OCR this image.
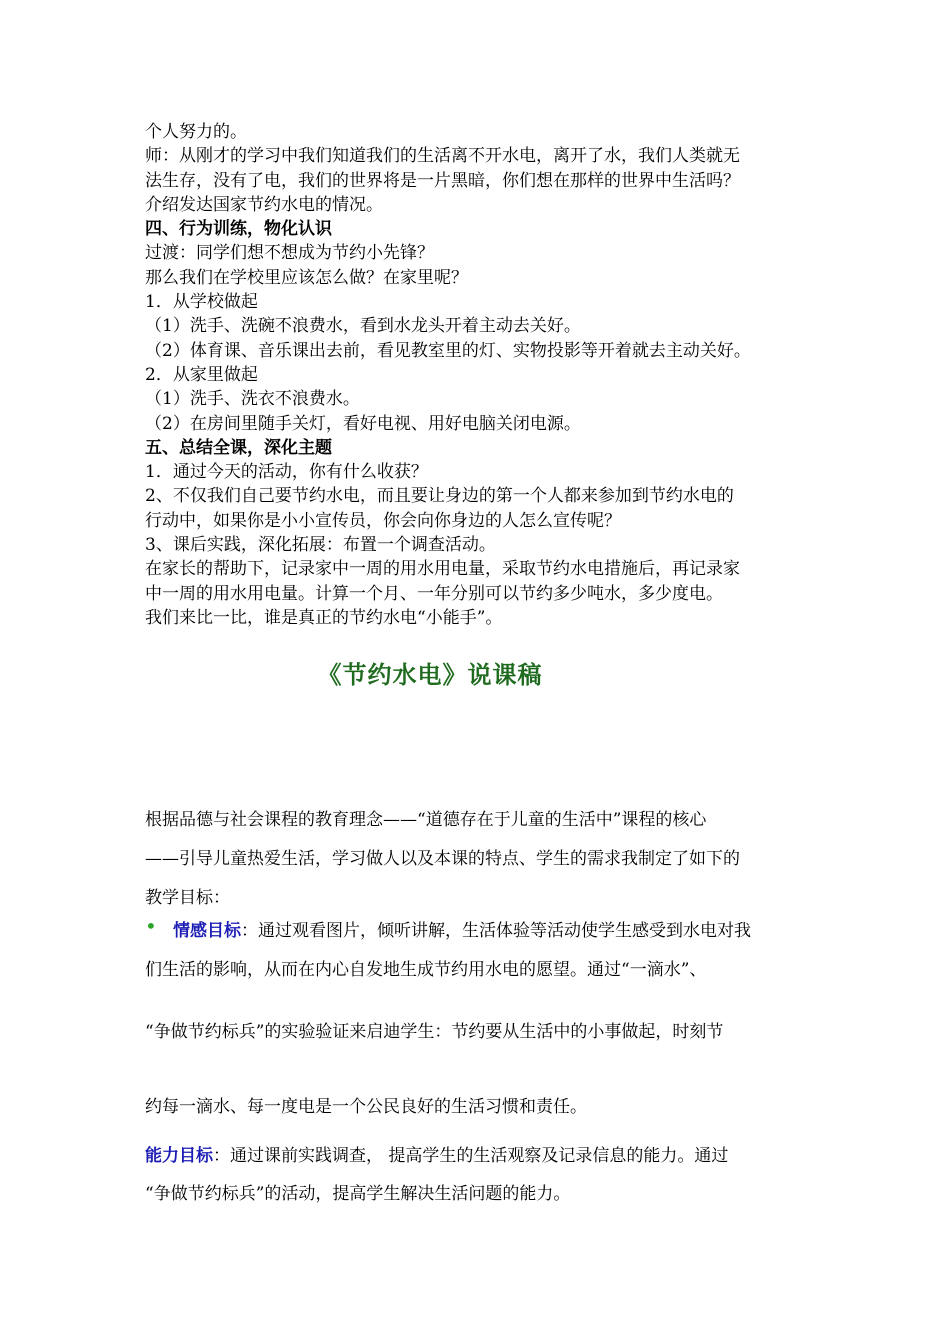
个人努力的。

师：从刚才的学习中我们知道我们的生活离不开水电，离开了水，我们人类就无

法生存，没有了电，我们的世界将是一片黑暗，你们想在那样的世界中生活吗？

介绍发达国家节约水电的情况。

四、行为训练，物化认识

过渡：同学们想不想成为节约小先锋？

那么我们在学校里应该怎么做？在家里呢？

1．从学校做起

（1）洗手、洗碗不浪费水，看到水龙头开着主动去关好。

（2）体育课、音乐课出去前，看见教室里的灯、实物投影等开着就去主动关好。

2．从家里做起

（1）洗手、洗衣不浪费水。

（2）在房间里随手关灯，看好电视、用好电脑关闭电源。

五、总结全课，深化主题

1．通过今天的活动，你有什么收获？

2、不仅我们自己要节约水电，而且要让身边的第一个人都来参加到节约水电的

行动中，如果你是小小宣传员，你会向你身边的人怎么宣传呢？

3、课后实践，深化拓展：布置一个调查活动。

在家长的帮助下，记录家中一周的用水用电量，采取节约水电措施后，再记录家

中一周的用水用电量。计算一个月、一年分别可以节约多少吨水，多少度电。

我们来比一比，谁是真正的节约水电“小能手”。

《节约水电》说课稿

根据品德与社会课程的教育理念——“道德存在于儿童的生活中”课程的核心

——引导儿童热爱生活，学习做人以及本课的特点、学生的需求我制定了如下的

教学目标：

• 情感目标：通过观看图片，倾听讲解，生活体验等活动使学生感受到水电对我

们生活的影响，从而在内心自发地生成节约用水电的愿望。通过“一滴水”、

“争做节约标兵”的实验验证来启迪学生：节约要从生活中的小事做起，时刻节

约每一滴水、每一度电是一个公民良好的生活习惯和责任。

能力目标：通过课前实践调查， 提高学生的生活观察及记录信息的能力。通过

“争做节约标兵”的活动，提高学生解决生活问题的能力。
